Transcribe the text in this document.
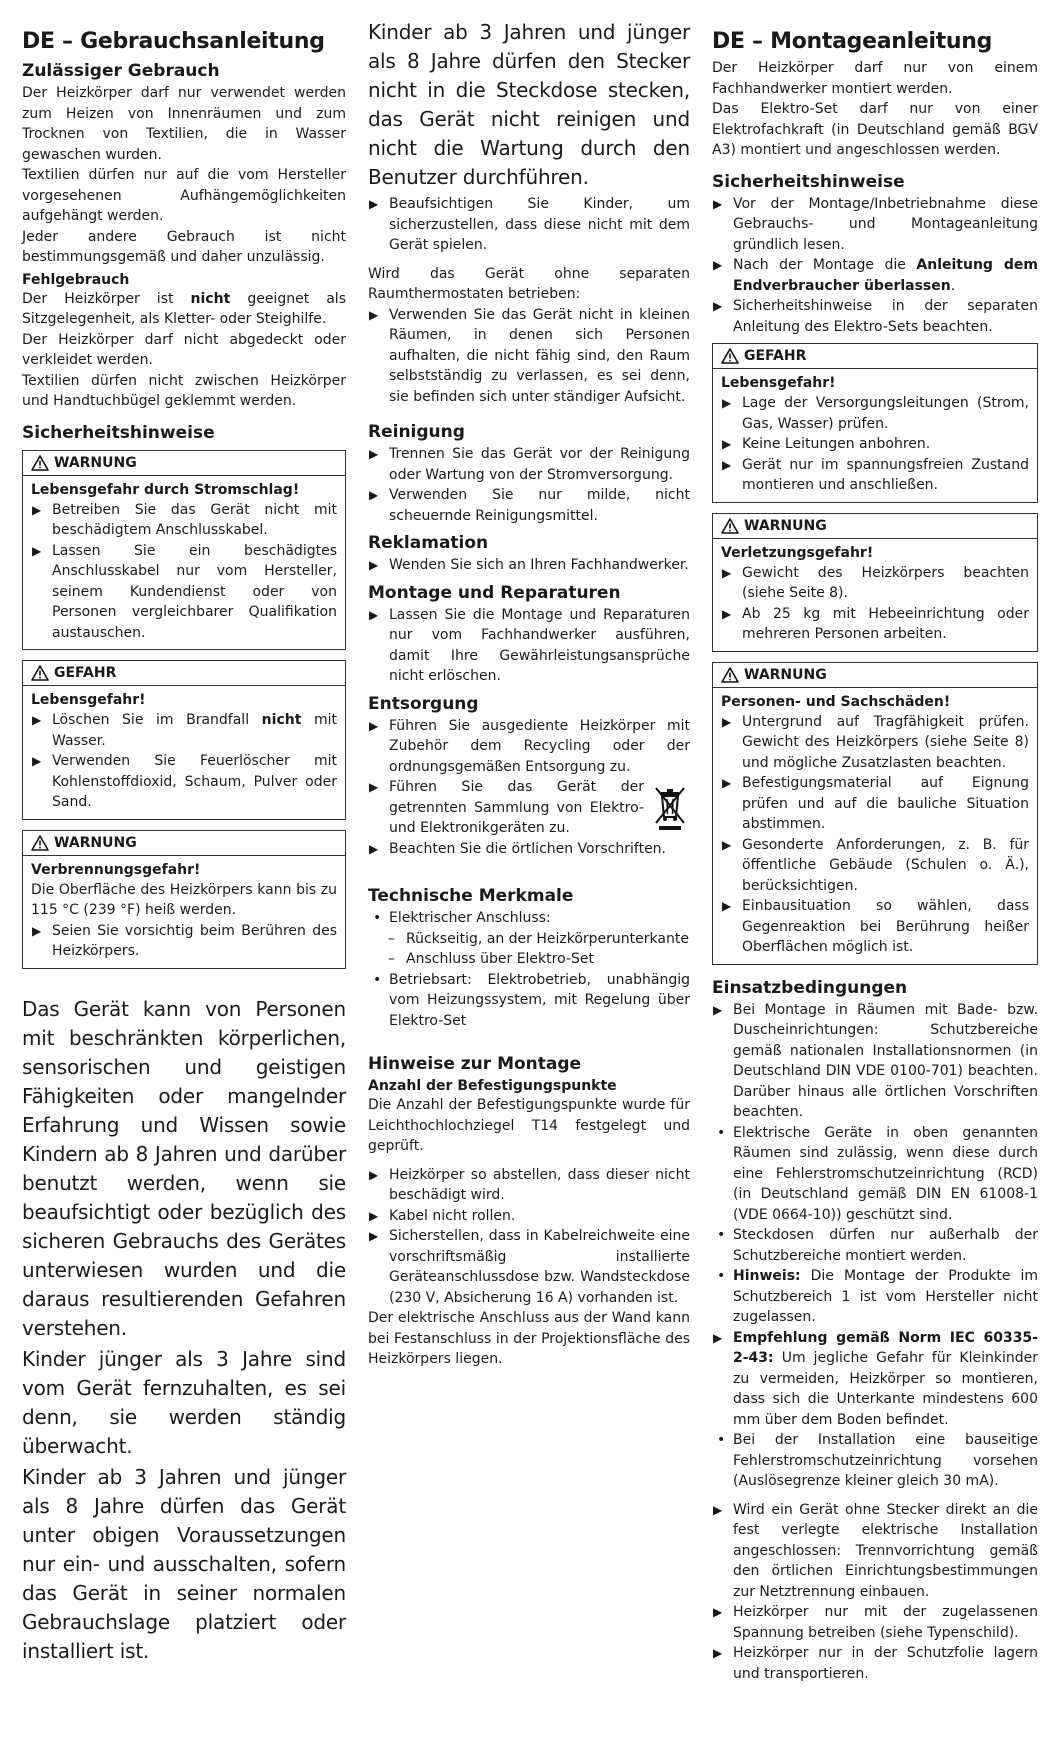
DE – Gebrauchsanleitung
Zulässiger Gebrauch

Der Heizkörper darf nur verwendet werden zum Heizen von Innenräumen und zum Trocknen von Textilien, die in Wasser gewaschen wurden.

Textilien dürfen nur auf die vom Hersteller vorgesehenen Aufhängemöglichkeiten aufgehängt werden.

Jeder andere Gebrauch ist nicht bestimmungsgemäß und daher unzulässig.

Fehlgebrauch

Der Heizkörper ist nicht geeignet als Sitzgelegenheit, als Kletter- oder Steighilfe.

Der Heizkörper darf nicht abgedeckt oder verkleidet werden.

Textilien dürfen nicht zwischen Heizkörper und Handtuchbügel geklemmt werden.

Sicherheitshinweise
WARNUNG
Lebensgefahr durch Stromschlag!
▶ Betreiben Sie das Gerät nicht mit beschädigtem Anschlusskabel.
▶ Lassen Sie ein beschädigtes Anschlusskabel nur vom Hersteller, seinem Kundendienst oder von Personen vergleichbarer Qualifikation austauschen.
GEFAHR
Lebensgefahr!
▶ Löschen Sie im Brandfall nicht mit Wasser.
▶ Verwenden Sie Feuerlöscher mit Kohlenstoffdioxid, Schaum, Pulver oder Sand.
WARNUNG
Verbrennungsgefahr!

Die Oberfläche des Heizkörpers kann bis zu 115 °C (239 °F) heiß werden.

▶ Seien Sie vorsichtig beim Berühren des Heizkörpers.

Das Gerät kann von Personen mit beschränkten körperlichen, sensorischen und geistigen Fähigkeiten oder mangelnder Erfahrung und Wissen sowie Kindern ab 8 Jahren und darüber benutzt werden, wenn sie beaufsichtigt oder bezüglich des sicheren Gebrauchs des Gerätes unterwiesen wurden und die daraus resultierenden Gefahren verstehen.

Kinder jünger als 3 Jahre sind vom Gerät fernzuhalten, es sei denn, sie werden ständig überwacht.

Kinder ab 3 Jahren und jünger als 8 Jahre dürfen das Gerät unter obigen Voraussetzungen nur ein- und ausschalten, sofern das Gerät in seiner normalen Gebrauchslage platziert oder installiert ist.

Kinder ab 3 Jahren und jünger als 8 Jahre dürfen den Stecker nicht in die Steckdose stecken, das Gerät nicht reinigen und nicht die Wartung durch den Benutzer durchführen.

▶ Beaufsichtigen Sie Kinder, um sicherzustellen, dass diese nicht mit dem Gerät spielen.

Wird das Gerät ohne separaten Raumthermostaten betrieben:

▶ Verwenden Sie das Gerät nicht in kleinen Räumen, in denen sich Personen aufhalten, die nicht fähig sind, den Raum selbstständig zu verlassen, es sei denn, sie befinden sich unter ständiger Aufsicht.
Reinigung
▶ Trennen Sie das Gerät vor der Reinigung oder Wartung von der Stromversorgung.
▶ Verwenden Sie nur milde, nicht scheuernde Reinigungsmittel.
Reklamation
▶ Wenden Sie sich an Ihren Fachhandwerker.
Montage und Reparaturen
▶ Lassen Sie die Montage und Reparaturen nur vom Fachhandwerker ausführen, damit Ihre Gewährleistungsansprüche nicht erlöschen.
Entsorgung
▶ Führen Sie ausgediente Heizkörper mit Zubehör dem Recycling oder der ordnungsgemäßen Entsorgung zu.
▶ Führen Sie das Gerät der getrennten Sammlung von Elektro- und Elektronikgeräten zu.
▶ Beachten Sie die örtlichen Vorschriften.
Technische Merkmale
• Elektrischer Anschluss:
– Rückseitig, an der Heizkörperunterkante
– Anschluss über Elektro-Set
• Betriebsart: Elektrobetrieb, unabhängig vom Heizungssystem, mit Regelung über Elektro-Set
Hinweise zur Montage
Anzahl der Befestigungspunkte

Die Anzahl der Befestigungspunkte wurde für Leichthochlochziegel T14 festgelegt und geprüft.

▶ Heizkörper so abstellen, dass dieser nicht beschädigt wird.
▶ Kabel nicht rollen.
▶ Sicherstellen, dass in Kabelreichweite eine vorschriftsmäßig installierte Geräteanschlussdose bzw. Wandsteckdose (230 V, Absicherung 16 A) vorhanden ist.

Der elektrische Anschluss aus der Wand kann bei Festanschluss in der Projektionsfläche des Heizkörpers liegen.

DE – Montageanleitung

Der Heizkörper darf nur von einem Fachhandwerker montiert werden.

Das Elektro-Set darf nur von einer Elektrofachkraft (in Deutschland gemäß BGV A3) montiert und angeschlossen werden.

Sicherheitshinweise
▶ Vor der Montage/Inbetriebnahme diese Gebrauchs- und Montageanleitung gründlich lesen.
▶ Nach der Montage die Anleitung dem Endverbraucher überlassen.
▶ Sicherheitshinweise in der separaten Anleitung des Elektro-Sets beachten.
GEFAHR
Lebensgefahr!
▶ Lage der Versorgungsleitungen (Strom, Gas, Wasser) prüfen.
▶ Keine Leitungen anbohren.
▶ Gerät nur im spannungsfreien Zustand montieren und anschließen.
WARNUNG
Verletzungsgefahr!
▶ Gewicht des Heizkörpers beachten (siehe Seite 8).
▶ Ab 25 kg mit Hebeeinrichtung oder mehreren Personen arbeiten.
WARNUNG
Personen- und Sachschäden!
▶ Untergrund auf Tragfähigkeit prüfen. Gewicht des Heizkörpers (siehe Seite 8) und mögliche Zusatzlasten beachten.
▶ Befestigungsmaterial auf Eignung prüfen und auf die bauliche Situation abstimmen.
▶ Gesonderte Anforderungen, z. B. für öffentliche Gebäude (Schulen o. Ä.), berücksichtigen.
▶ Einbausituation so wählen, dass Gegenreaktion bei Berührung heißer Oberflächen möglich ist.
Einsatzbedingungen
▶ Bei Montage in Räumen mit Bade- bzw. Duscheinrichtungen: Schutzbereiche gemäß nationalen Installationsnormen (in Deutschland DIN VDE 0100-701) beachten. Darüber hinaus alle örtlichen Vorschriften beachten.
• Elektrische Geräte in oben genannten Räumen sind zulässig, wenn diese durch eine Fehlerstromschutzeinrichtung (RCD) (in Deutschland gemäß DIN EN 61008-1 (VDE 0664-10)) geschützt sind.
• Steckdosen dürfen nur außerhalb der Schutzbereiche montiert werden.
• Hinweis: Die Montage der Produkte im Schutzbereich 1 ist vom Hersteller nicht zugelassen.
▶ Empfehlung gemäß Norm IEC 60335-2-43: Um jegliche Gefahr für Kleinkinder zu vermeiden, Heizkörper so montieren, dass sich die Unterkante mindestens 600 mm über dem Boden befindet.
• Bei der Installation eine bauseitige Fehlerstromschutzeinrichtung vorsehen (Auslösegrenze kleiner gleich 30 mA).
▶ Wird ein Gerät ohne Stecker direkt an die fest verlegte elektrische Installation angeschlossen: Trennvorrichtung gemäß den örtlichen Einrichtungsbestimmungen zur Netztrennung einbauen.
▶ Heizkörper nur mit der zugelassenen Spannung betreiben (siehe Typenschild).
▶ Heizkörper nur in der Schutzfolie lagern und transportieren.
